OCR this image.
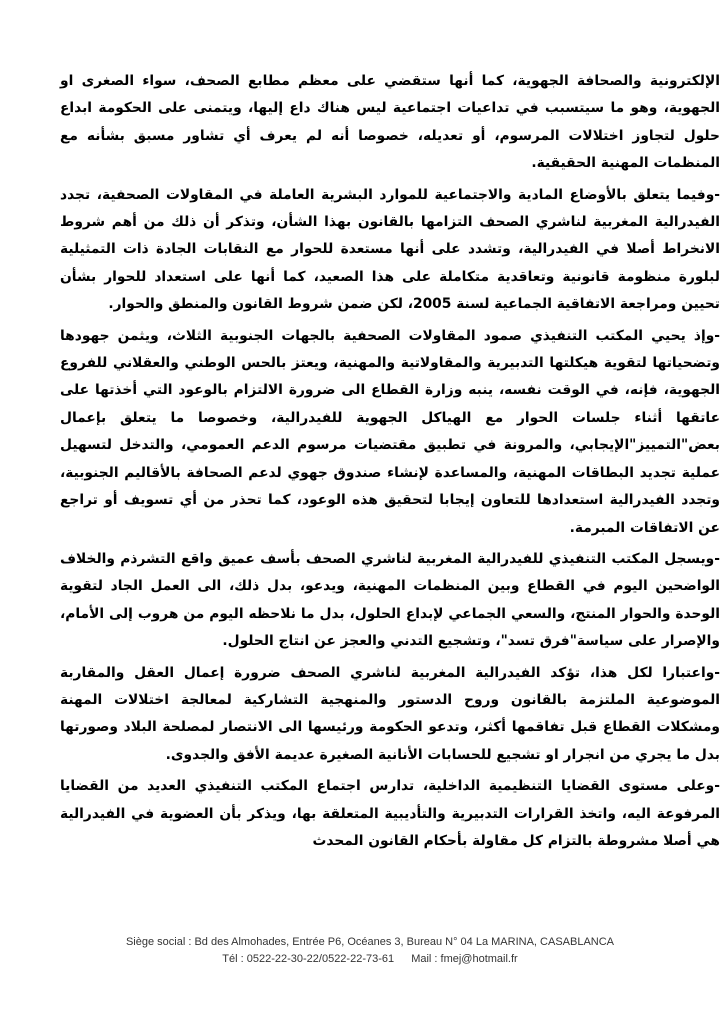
الإلكترونية والصحافة الجهوية، كما أنها ستقضي على معظم مطابع الصحف، سواء الصغرى او الجهوية، وهو ما سيتسبب في تداعيات اجتماعية ليس هناك داع إليها، ويتمنى على الحكومة ابداع حلول لتجاوز اختلالات المرسوم، أو تعديله، خصوصا أنه لم يعرف أي تشاور مسبق بشأنه مع المنظمات المهنية الحقيقية.

-وفيما يتعلق بالأوضاع المادية والاجتماعية للموارد البشرية العاملة في المقاولات الصحفية، تجدد الفيدرالية المغربية لناشري الصحف التزامها بالقانون بهذا الشأن، وتذكر أن ذلك من أهم شروط الانخراط أصلا في الفيدرالية، وتشدد على أنها مستعدة للحوار مع النقابات الجادة ذات التمثيلية لبلورة منظومة قانونية وتعاقدية متكاملة على هذا الصعيد، كما أنها على استعداد للحوار بشأن تحيين ومراجعة الاتفاقية الجماعية لسنة 2005، لكن ضمن شروط القانون والمنطق والحوار.

-وإذ يحيي المكتب التنفيذي صمود المقاولات الصحفية بالجهات الجنوبية الثلاث، ويثمن جهودها وتضحياتها لتقوية هيكلتها التدبيرية والمقاولاتية والمهنية، ويعتز بالحس الوطني والعقلاني للفروع الجهوية، فإنه، في الوقت نفسه، ينبه وزارة القطاع الى ضرورة الالتزام بالوعود التي أخذتها على عاتقها أثناء جلسات الحوار مع الهياكل الجهوية للفيدرالية، وخصوصا ما يتعلق بإعمال بعض"التمييز"الإيجابي، والمرونة في تطبيق مقتضيات مرسوم الدعم العمومي، والتدخل لتسهيل عملية تجديد البطاقات المهنية، والمساعدة لإنشاء صندوق جهوي لدعم الصحافة بالأقاليم الجنوبية، وتجدد الفيدرالية استعدادها للتعاون إيجابا لتحقيق هذه الوعود، كما تحذر من أي تسويف أو تراجع عن الاتفاقات المبرمة.

-ويسجل المكتب التنفيذي للفيدرالية المغربية لناشري الصحف بأسف عميق واقع التشرذم والخلاف الواضحين اليوم في القطاع وبين المنظمات المهنية، ويدعو، بدل ذلك، الى العمل الجاد لتقوية الوحدة والحوار المنتج، والسعي الجماعي لإبداع الحلول، بدل ما نلاحظه اليوم من هروب إلى الأمام، والإصرار على سياسة"فرق تسد"، وتشجيع التدني والعجز عن انتاج الحلول.

-واعتبارا لكل هذا، تؤكد الفيدرالية المغربية لناشري الصحف ضرورة إعمال العقل والمقاربة الموضوعية الملتزمة بالقانون وروح الدستور والمنهجية التشاركية لمعالجة اختلالات المهنة ومشكلات القطاع قبل تفاقمها أكثر، وتدعو الحكومة ورئيسها الى الانتصار لمصلحة البلاد وصورتها بدل ما يجري من انجرار او تشجيع للحسابات الأنانية الصغيرة عديمة الأفق والجدوى.

-وعلى مستوى القضايا التنظيمية الداخلية، تدارس اجتماع المكتب التنفيذي العديد من القضايا المرفوعة اليه، واتخذ القرارات التدبيرية والتأديبية المتعلقة بها، ويذكر بأن العضوية في الفيدرالية هي أصلا مشروطة بالتزام كل مقاولة بأحكام القانون المحدث

Siège social : Bd des Almohades, Entrée P6, Océanes 3, Bureau N° 04 La MARINA, CASABLANCA
Tél : 0522-22-30-22/0522-22-73-61 Mail : fmej@hotmail.fr
